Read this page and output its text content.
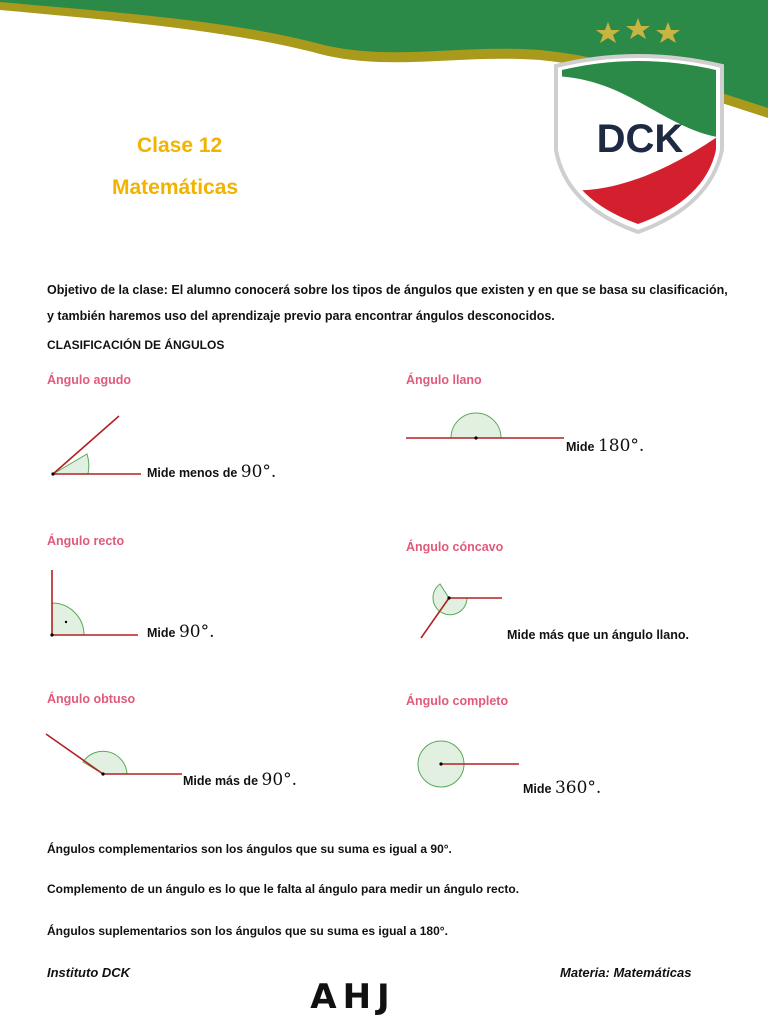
Clase 12
Matemáticas
DCK
Objetivo de la clase: El alumno conocerá sobre los tipos de ángulos que existen y en que se basa su clasificación, y también haremos uso del aprendizaje previo para encontrar ángulos desconocidos.
CLASIFICACIÓN DE ÁNGULOS
Ángulo agudo
Mide menos de 90°.
Ángulo llano
Mide 180°.
Ángulo recto
Mide 90°.
Ángulo cóncavo
Mide más que un ángulo llano.
Ángulo obtuso
Mide más de 90°.
Ángulo completo
Mide 360°.
Ángulos complementarios son los ángulos que su suma es igual a 90°.
Complemento de un ángulo es lo que le falta al ángulo para medir un ángulo recto.
Ángulos suplementarios son los ángulos que su suma es igual a 180°.
Instituto DCK	Materia: Matemáticas
AHJ
